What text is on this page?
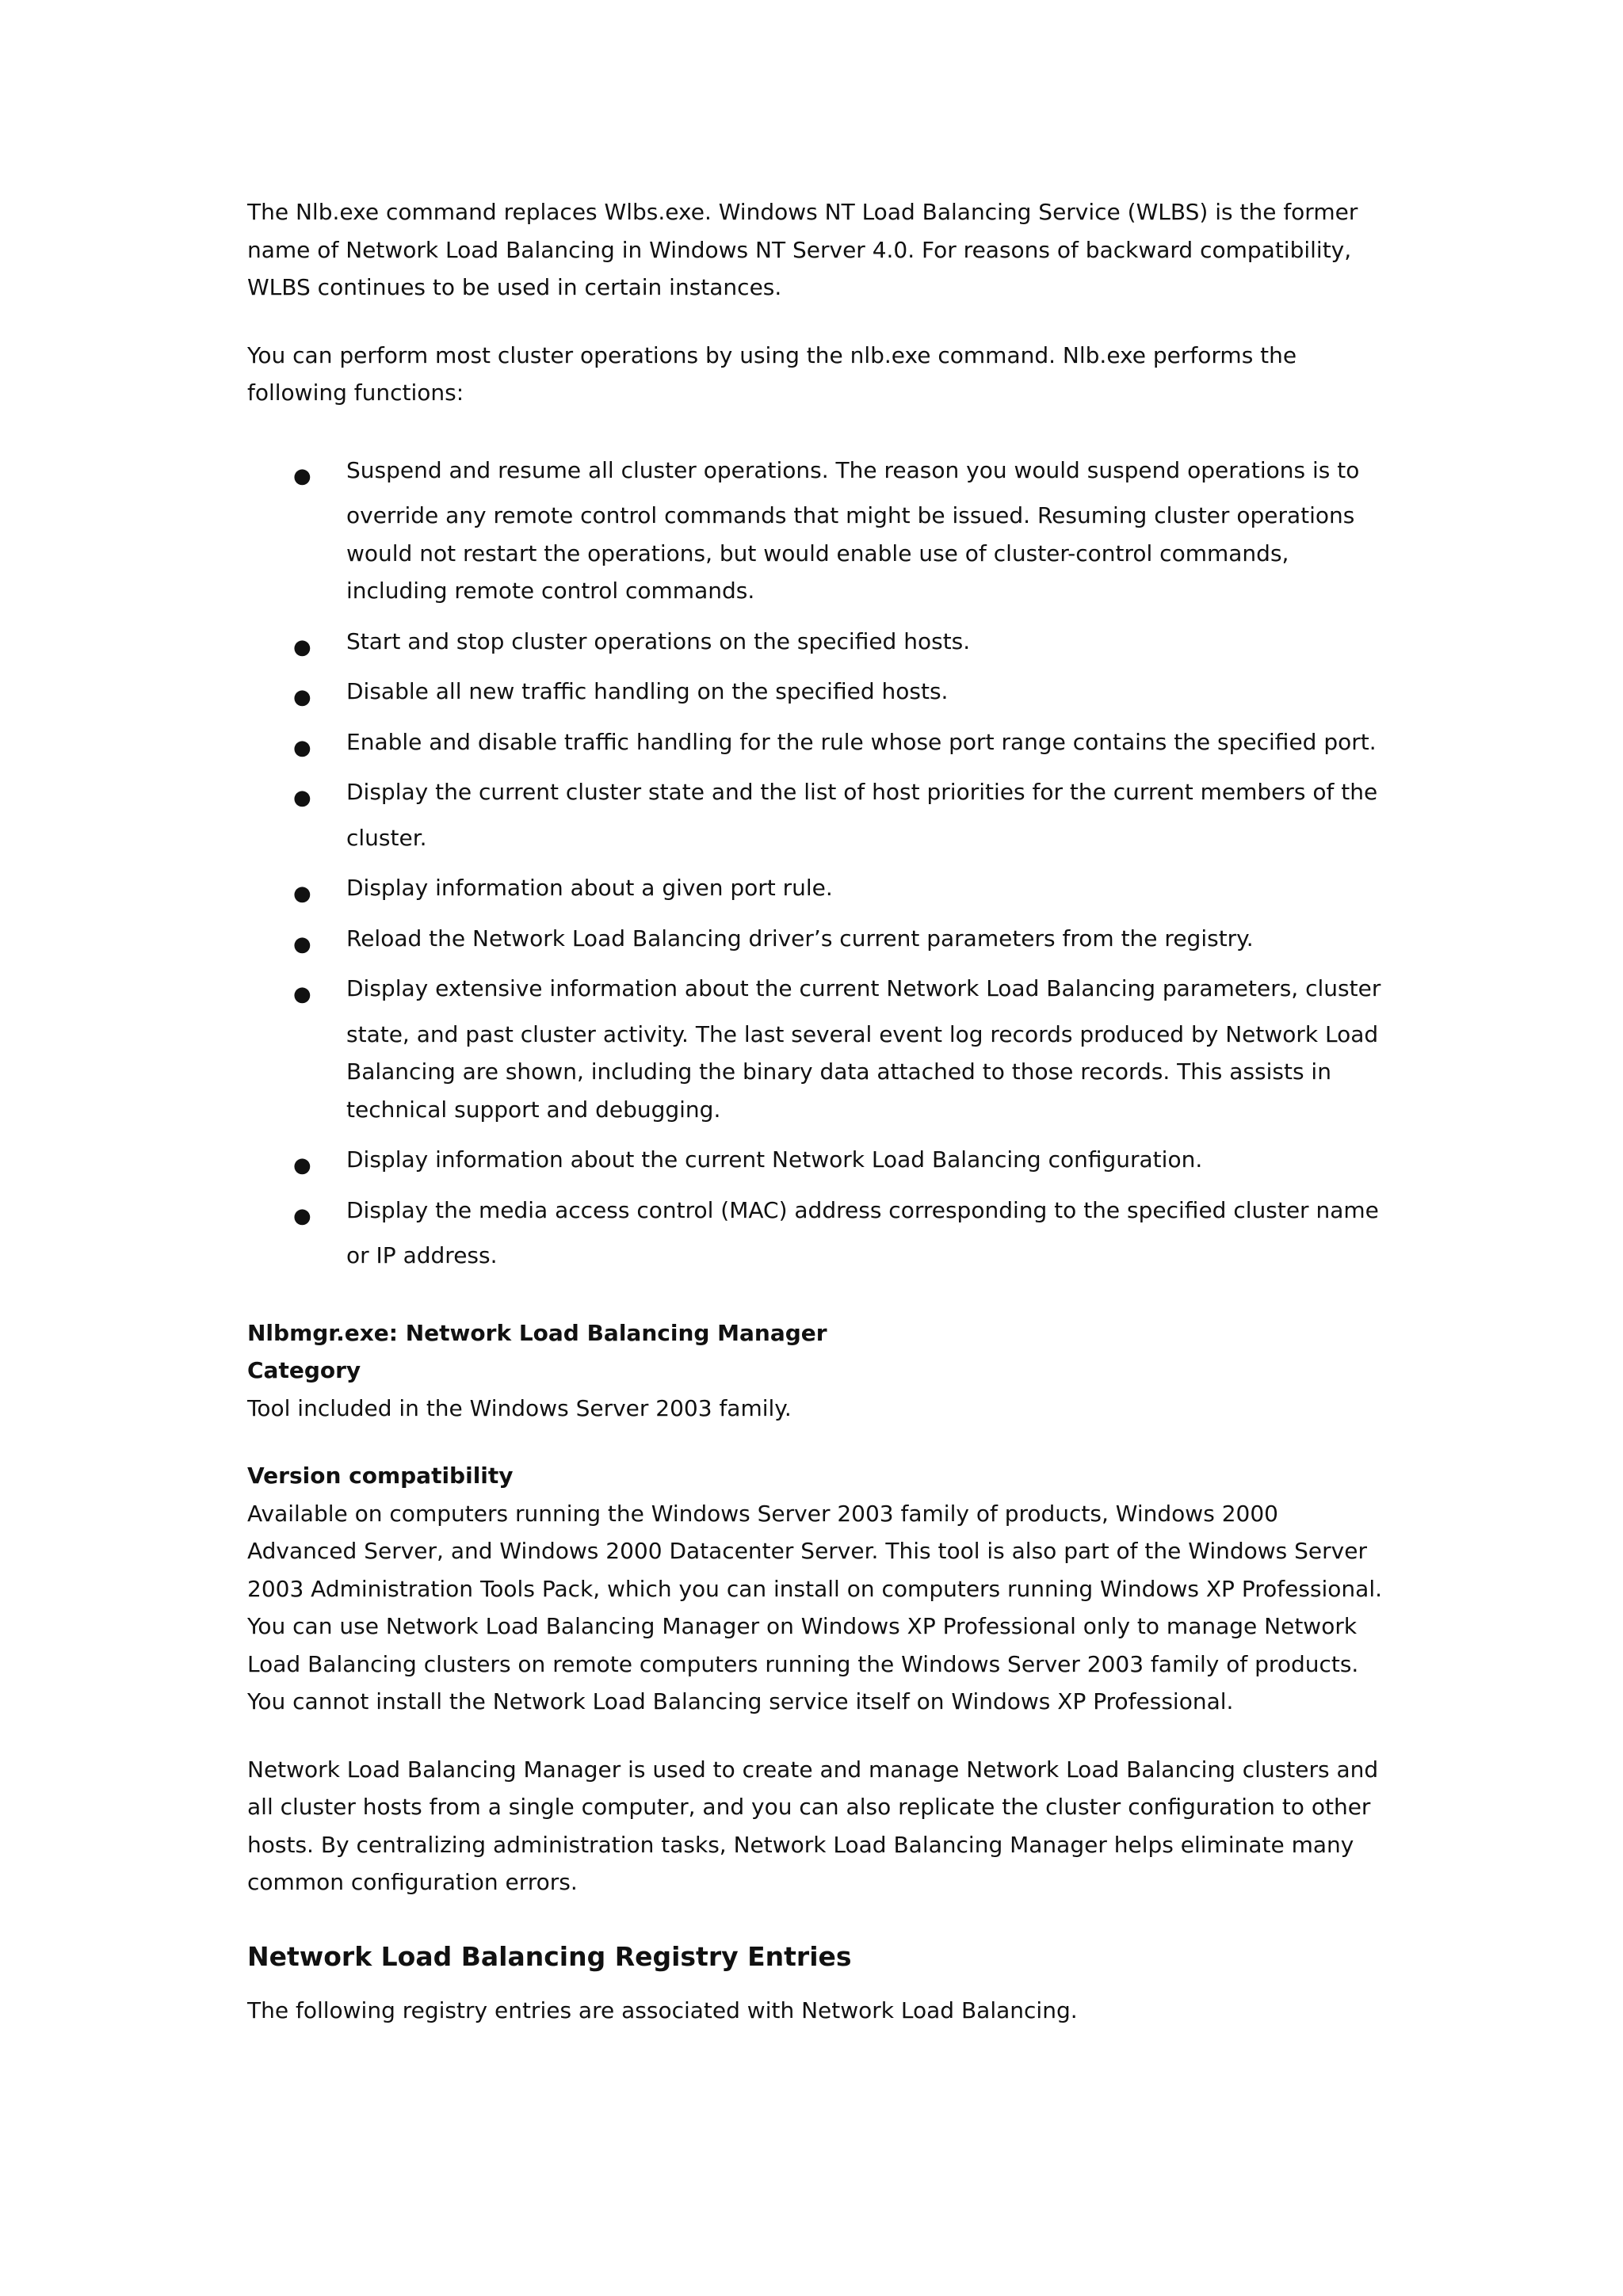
The Nlb.exe command replaces Wlbs.exe. Windows NT Load Balancing Service (WLBS) is the former name of Network Load Balancing in Windows NT Server 4.0. For reasons of backward compatibility, WLBS continues to be used in certain instances.

You can perform most cluster operations by using the nlb.exe command. Nlb.exe performs the following functions:

● Suspend and resume all cluster operations. The reason you would suspend operations is to
override any remote control commands that might be issued. Resuming cluster operations would not restart the operations, but would enable use of cluster-control commands, including remote control commands.
● Start and stop cluster operations on the specified hosts.
● Disable all new traffic handling on the specified hosts.
● Enable and disable traffic handling for the rule whose port range contains the specified port.
● Display the current cluster state and the list of host priorities for the current members of the
cluster.
● Display information about a given port rule.
● Reload the Network Load Balancing driver’s current parameters from the registry.
● Display extensive information about the current Network Load Balancing parameters, cluster
state, and past cluster activity. The last several event log records produced by Network Load Balancing are shown, including the binary data attached to those records. This assists in technical support and debugging.
● Display information about the current Network Load Balancing configuration.
● Display the media access control (MAC) address corresponding to the specified cluster name
or IP address.

Nlbmgr.exe: Network Load Balancing Manager

Category

Tool included in the Windows Server 2003 family.

Version compatibility

Available on computers running the Windows Server 2003 family of products, Windows 2000 Advanced Server, and Windows 2000 Datacenter Server. This tool is also part of the Windows Server 2003 Administration Tools Pack, which you can install on computers running Windows XP Professional. You can use Network Load Balancing Manager on Windows XP Professional only to manage Network Load Balancing clusters on remote computers running the Windows Server 2003 family of products. You cannot install the Network Load Balancing service itself on Windows XP Professional.

Network Load Balancing Manager is used to create and manage Network Load Balancing clusters and all cluster hosts from a single computer, and you can also replicate the cluster configuration to other hosts. By centralizing administration tasks, Network Load Balancing Manager helps eliminate many common configuration errors.

Network Load Balancing Registry Entries

The following registry entries are associated with Network Load Balancing.
